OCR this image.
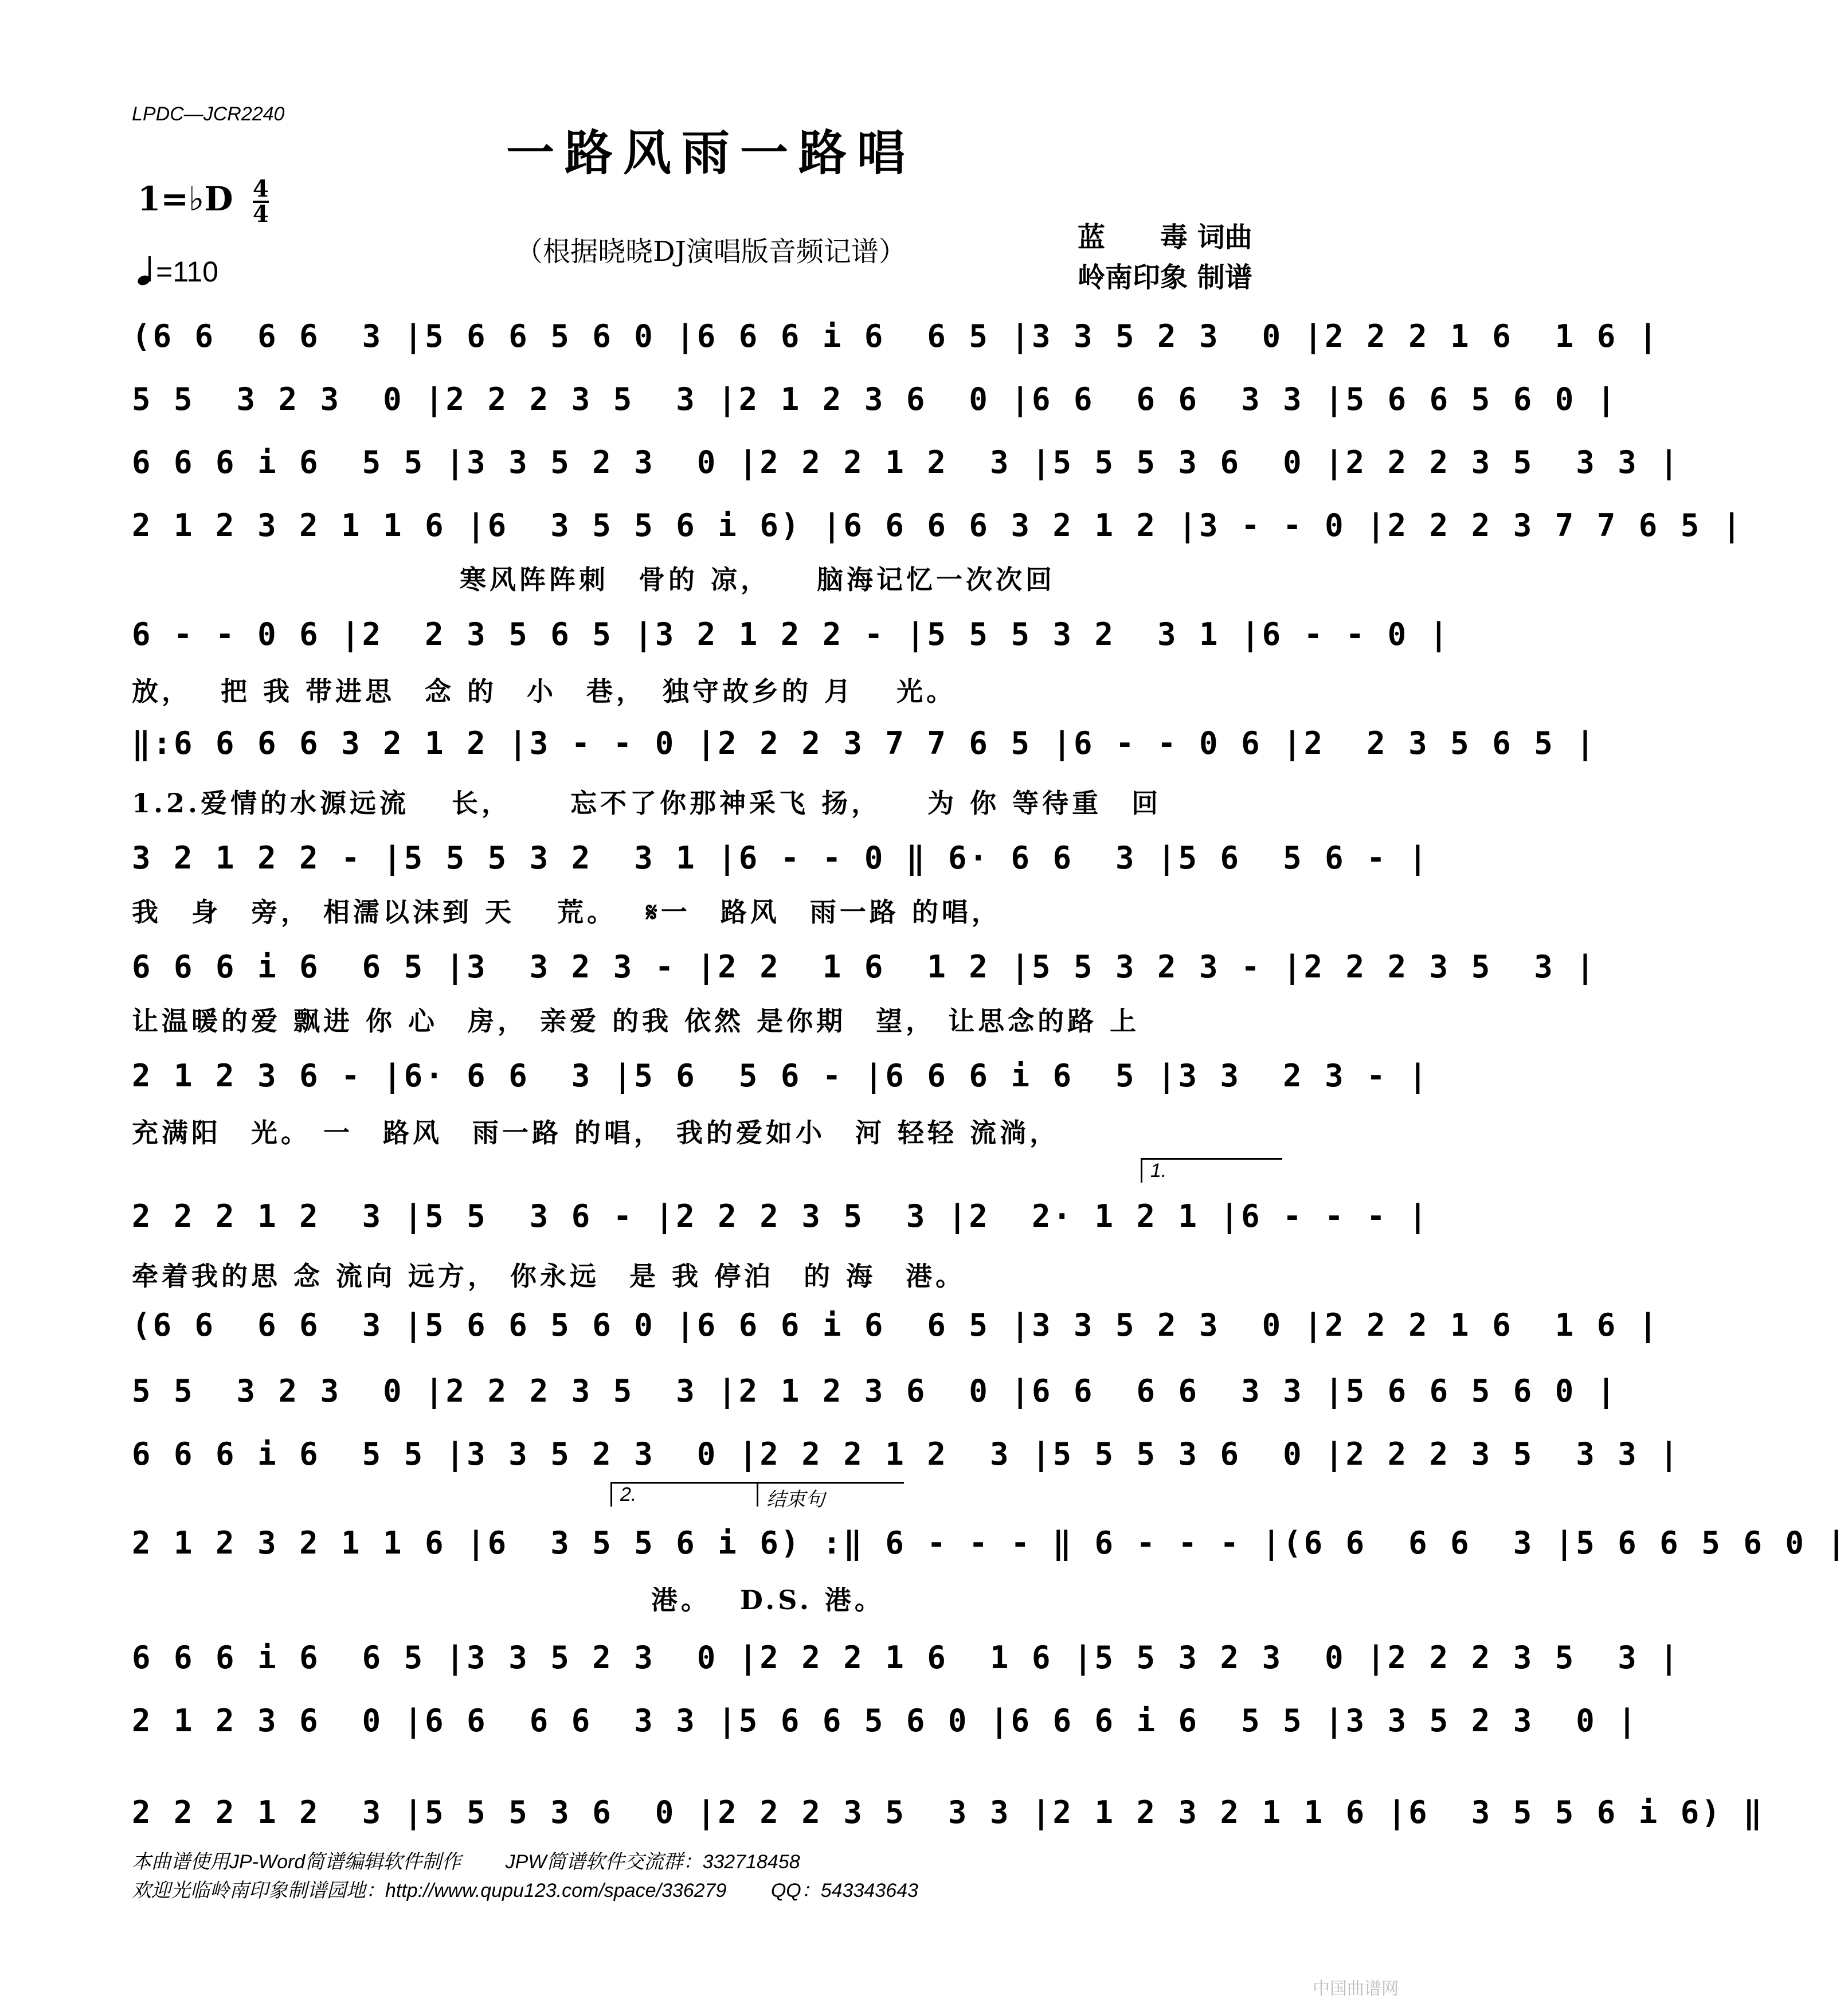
LPDC—JCR2240
一路风雨一路唱
1=♭D $\frac{4}{4}$
=110
（根据晓晓DJ演唱版音频记谱）	蓝　　毒 词曲
岭南印象 制谱
(6 6  6 6  3 |5 6 6 5 6 0 |6 6 6 i 6  6 5 |3 3 5 2 3  0 |2 2 2 1 6  1 6 |
5 5  3 2 3  0 |2 2 2 3 5  3 |2 1 2 3 6  0 |6 6  6 6  3 3 |5 6 6 5 6 0 |
6 6 6 i 6  5 5 |3 3 5 2 3  0 |2 2 2 1 2  3 |5 5 5 3 6  0 |2 2 2 3 5  3 3 |
2 1 2 3 2 1 1 6 |6  3 5 5 6 i 6) |6 6 6 6 3 2 1 2 |3 - - 0 |2 2 2 3 7 7 6 5 |
　　　　　　　　　　　寒风阵阵刺　骨的 凉，　　脑海记忆一次次回
6 - - 0 6 |2  2 3 5 6 5 |3 2 1 2 2 - |5 5 5 3 2  3 1 |6 - - 0 |
放，　 把 我 带进思　念 的　小　巷，　独守故乡的 月　 光。
‖:6 6 6 6 3 2 1 2 |3 - - 0 |2 2 2 3 7 7 6 5 |6 - - 0 6 |2  2 3 5 6 5 |
1.2.爱情的水源远流　 长，　　 忘不了你那神采飞 扬，　　为 你 等待重　回
3 2 1 2 2 - |5 5 5 3 2  3 1 |6 - - 0 ‖ 6· 6 6  3 |5 6  5 6 - |
我　身　旁， 相濡以沫到 天　 荒。　 𝄋一　路风　雨一路 的唱，
6 6 6 i 6  6 5 |3  3 2 3 - |2 2  1 6  1 2 |5 5 3 2 3 - |2 2 2 3 5  3 |
让温暖的爱 飘进 你 心　房， 亲爱 的我 依然 是你期　望， 让思念的路 上
2 1 2 3 6 - |6· 6 6  3 |5 6  5 6 - |6 6 6 i 6  5 |3 3  2 3 - |
充满阳　光。 一　路风　雨一路 的唱， 我的爱如小　河 轻轻 流淌，
1.
2 2 2 1 2  3 |5 5  3 6 - |2 2 2 3 5  3 |2  2· 1 2 1 |6 - - - |
牵着我的思 念 流向 远方， 你永远　是 我 停泊　的 海　港。
(6 6  6 6  3 |5 6 6 5 6 0 |6 6 6 i 6  6 5 |3 3 5 2 3  0 |2 2 2 1 6  1 6 |
5 5  3 2 3  0 |2 2 2 3 5  3 |2 1 2 3 6  0 |6 6  6 6  3 3 |5 6 6 5 6 0 |
6 6 6 i 6  5 5 |3 3 5 2 3  0 |2 2 2 1 2  3 |5 5 5 3 6  0 |2 2 2 3 5  3 3 |
2.	结束句
2 1 2 3 2 1 1 6 |6  3 5 5 6 i 6) :‖ 6 - - - ‖ 6 - - - |(6 6  6 6  3 |5 6 6 5 6 0 |
　　　　　　　　　　　　　　　　　 港。　 D.S. 港。
6 6 6 i 6  6 5 |3 3 5 2 3  0 |2 2 2 1 6  1 6 |5 5 3 2 3  0 |2 2 2 3 5  3 |
2 1 2 3 6  0 |6 6  6 6  3 3 |5 6 6 5 6 0 |6 6 6 i 6  5 5 |3 3 5 2 3  0 |
2 2 2 1 2  3 |5 5 5 3 6  0 |2 2 2 3 5  3 3 |2 1 2 3 2 1 1 6 |6  3 5 5 6 i 6) ‖
本曲谱使用JP-Word简谱编辑软件制作　　 JPW简谱软件交流群：332718458
欢迎光临岭南印象制谱园地：http://www.qupu123.com/space/336279　　 QQ：543343643
中国曲谱网
